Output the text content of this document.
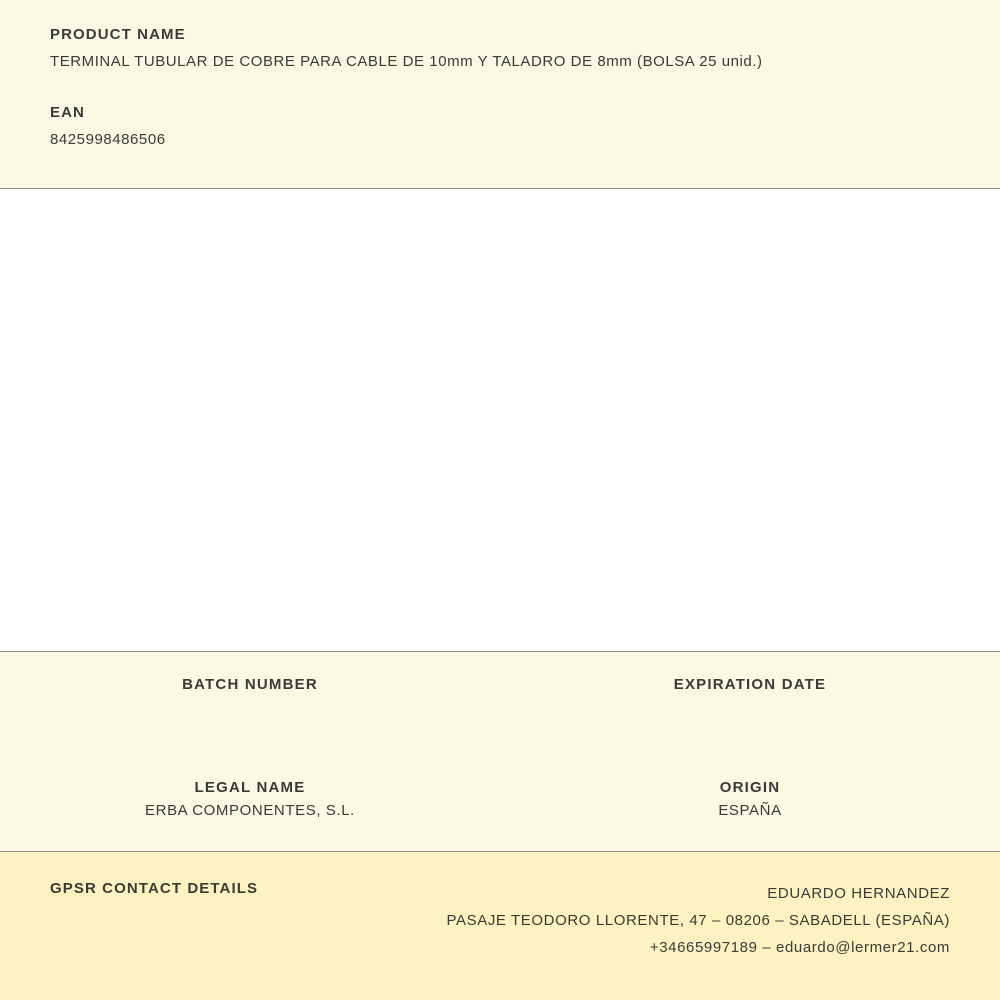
PRODUCT NAME

TERMINAL TUBULAR DE COBRE PARA CABLE DE 10mm Y TALADRO DE 8mm (BOLSA 25 unid.)

EAN

8425998486506

BATCH NUMBER	EXPIRATION DATE

LEGAL NAME

ERBA COMPONENTES, S.L.

ORIGIN

ESPAÑA

GPSR CONTACT DETAILS	EDUARDO HERNANDEZ
PASAJE TEODORO LLORENTE, 47 – 08206 – SABADELL (ESPAÑA)
+34665997189 – eduardo@lermer21.com
